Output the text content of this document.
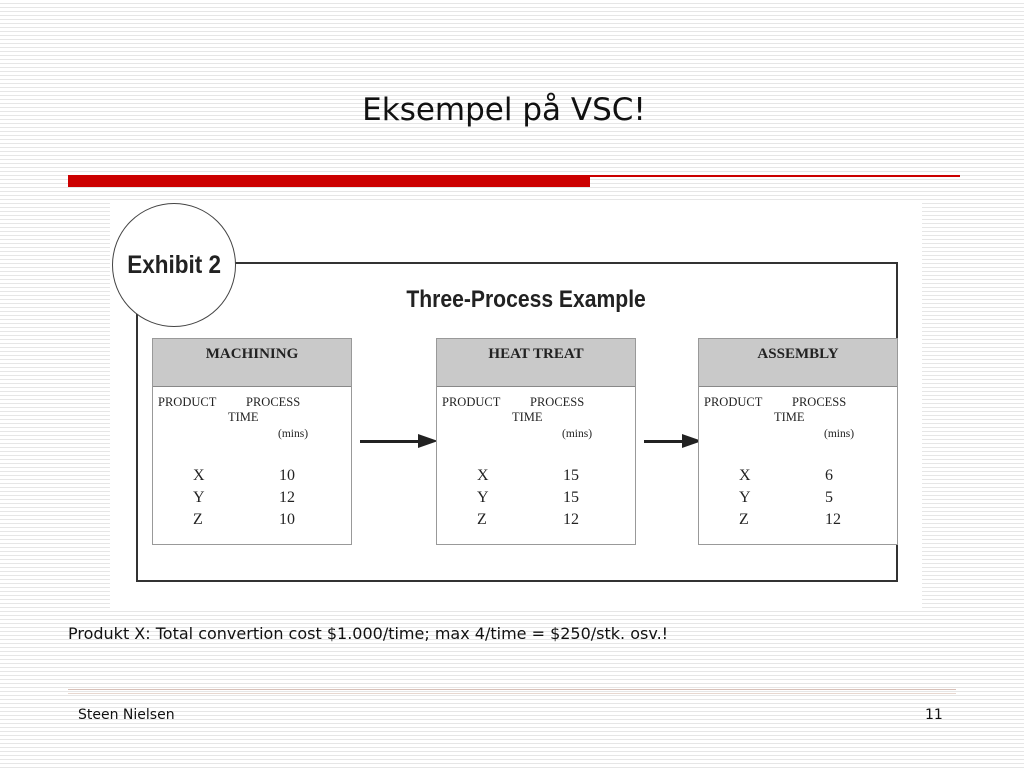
Eksempel på VSC!
Exhibit 2
Three-Process Example
MACHINING
PRODUCT PROCESS
TIME
(mins)
X	10
Y	12
Z	10
HEAT TREAT
PRODUCT PROCESS
TIME
(mins)
X	15
Y	15
Z	12
ASSEMBLY
PRODUCT PROCESS
TIME
(mins)
X	6
Y	5
Z	12
Produkt X: Total convertion cost $1.000/time; max 4/time = $250/stk. osv.!
Steen Nielsen	11
